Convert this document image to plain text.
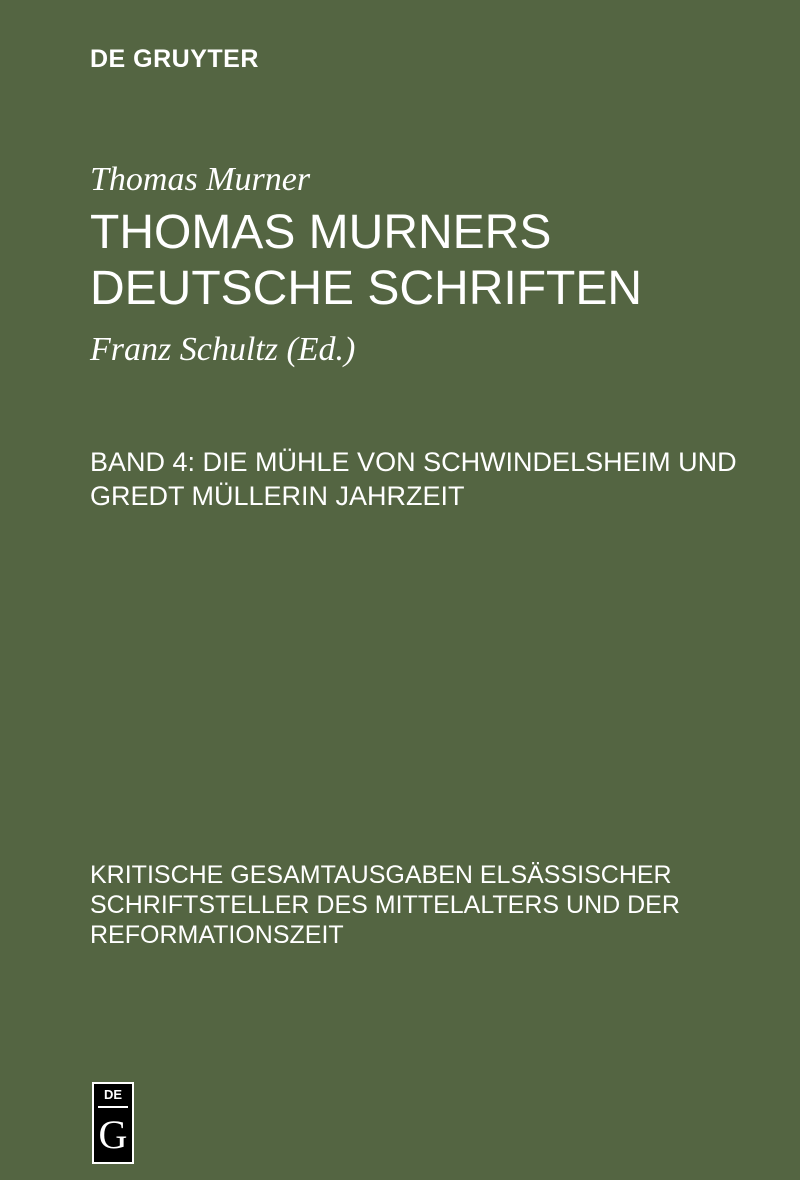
DE GRUYTER
Thomas Murner
THOMAS MURNERS DEUTSCHE SCHRIFTEN
Franz Schultz (Ed.)
BAND 4: DIE MÜHLE VON SCHWINDELSHEIM UND GREDT MÜLLERIN JAHRZEIT
KRITISCHE GESAMTAUSGABEN ELSÄSSISCHER SCHRIFTSTELLER DES MITTELALTERS UND DER REFORMATIONSZEIT
DE
G
